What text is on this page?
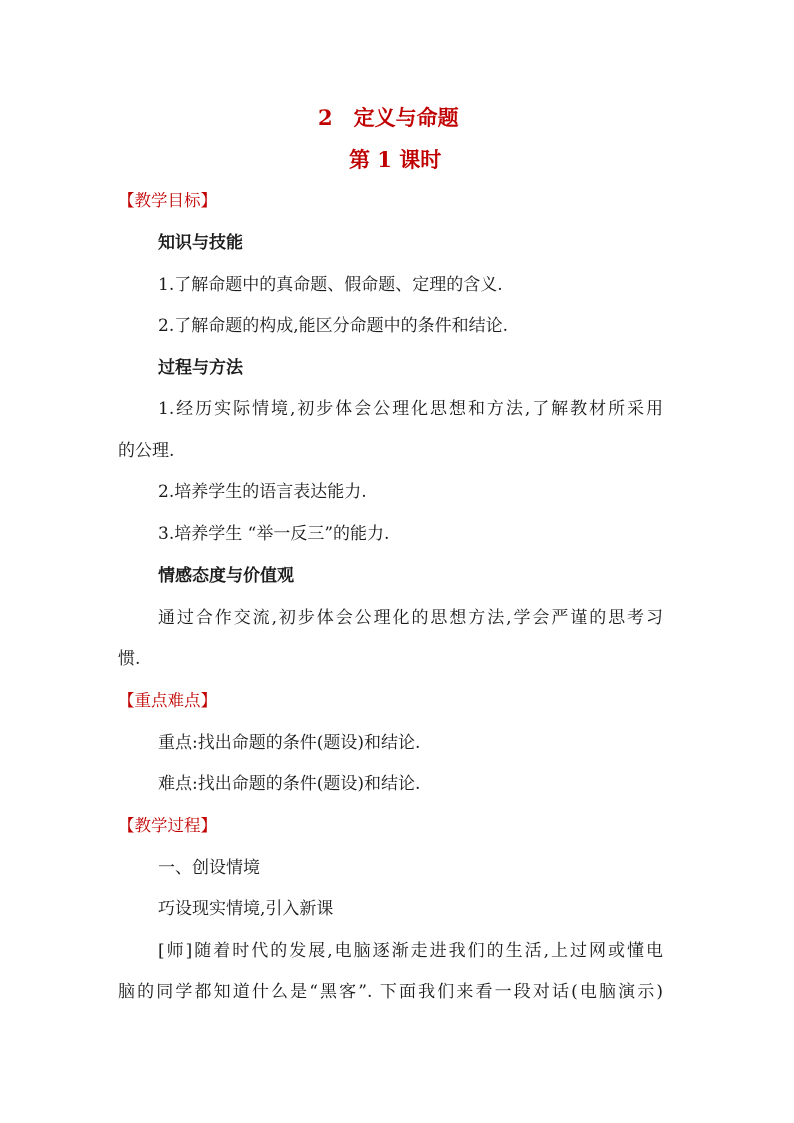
2　定义与命题
第 1 课时
【教学目标】
知识与技能
1.了解命题中的真命题、假命题、定理的含义.
2.了解命题的构成,能区分命题中的条件和结论.
过程与方法
1.经历实际情境,初步体会公理化思想和方法,了解教材所采用
的公理.
2.培养学生的语言表达能力.
3.培养学生 “举一反三”的能力.
情感态度与价值观
通过合作交流,初步体会公理化的思想方法,学会严谨的思考习
惯.
【重点难点】
重点:找出命题的条件(题设)和结论.
难点:找出命题的条件(题设)和结论.
【教学过程】
一、创设情境
巧设现实情境,引入新课
[师]随着时代的发展,电脑逐渐走进我们的生活,上过网或懂电
脑的同学都知道什么是“黑客”. 下面我们来看一段对话(电脑演示)
